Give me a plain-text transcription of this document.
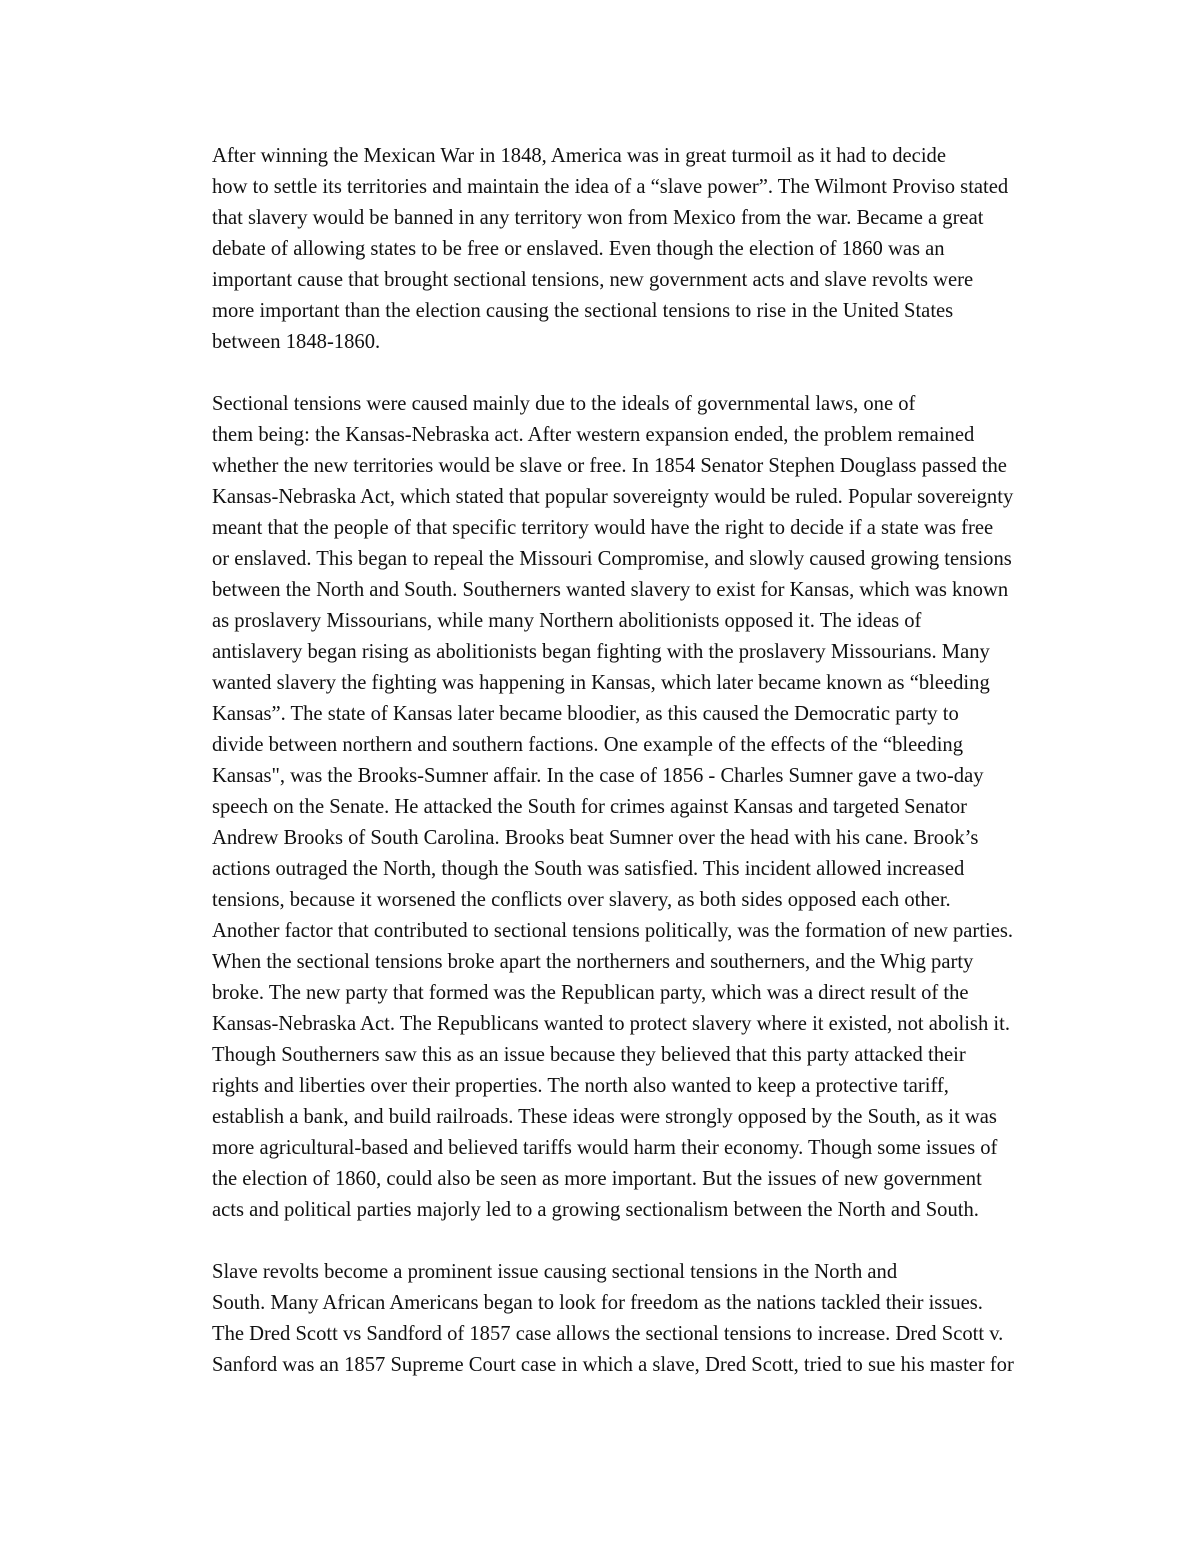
After winning the Mexican War in 1848, America was in great turmoil as it had to decide
how to settle its territories and maintain the idea of a “slave power”. The Wilmont Proviso stated
that slavery would be banned in any territory won from Mexico from the war. Became a great
debate of allowing states to be free or enslaved. Even though the election of 1860 was an
important cause that brought sectional tensions, new government acts and slave revolts were
more important than the election causing the sectional tensions to rise in the United States
between 1848-1860.

Sectional tensions were caused mainly due to the ideals of governmental laws, one of
them being: the Kansas-Nebraska act. After western expansion ended, the problem remained
whether the new territories would be slave or free. In 1854 Senator Stephen Douglass passed the
Kansas-Nebraska Act, which stated that popular sovereignty would be ruled. Popular sovereignty
meant that the people of that specific territory would have the right to decide if a state was free
or enslaved. This began to repeal the Missouri Compromise, and slowly caused growing tensions
between the North and South. Southerners wanted slavery to exist for Kansas, which was known
as proslavery Missourians, while many Northern abolitionists opposed it. The ideas of
antislavery began rising as abolitionists began fighting with the proslavery Missourians. Many
wanted slavery the fighting was happening in Kansas, which later became known as “bleeding
Kansas”. The state of Kansas later became bloodier, as this caused the Democratic party to
divide between northern and southern factions. One example of the effects of the “bleeding
Kansas", was the Brooks-Sumner affair. In the case of 1856 - Charles Sumner gave a two-day
speech on the Senate. He attacked the South for crimes against Kansas and targeted Senator
Andrew Brooks of South Carolina. Brooks beat Sumner over the head with his cane. Brook’s
actions outraged the North, though the South was satisfied. This incident allowed increased
tensions, because it worsened the conflicts over slavery, as both sides opposed each other.
Another factor that contributed to sectional tensions politically, was the formation of new parties.
When the sectional tensions broke apart the northerners and southerners, and the Whig party
broke. The new party that formed was the Republican party, which was a direct result of the
Kansas-Nebraska Act. The Republicans wanted to protect slavery where it existed, not abolish it.
Though Southerners saw this as an issue because they believed that this party attacked their
rights and liberties over their properties. The north also wanted to keep a protective tariff,
establish a bank, and build railroads. These ideas were strongly opposed by the South, as it was
more agricultural-based and believed tariffs would harm their economy. Though some issues of
the election of 1860, could also be seen as more important. But the issues of new government
acts and political parties majorly led to a growing sectionalism between the North and South.

Slave revolts become a prominent issue causing sectional tensions in the North and
South. Many African Americans began to look for freedom as the nations tackled their issues.
The Dred Scott vs Sandford of 1857 case allows the sectional tensions to increase. Dred Scott v.
Sanford was an 1857 Supreme Court case in which a slave, Dred Scott, tried to sue his master for
